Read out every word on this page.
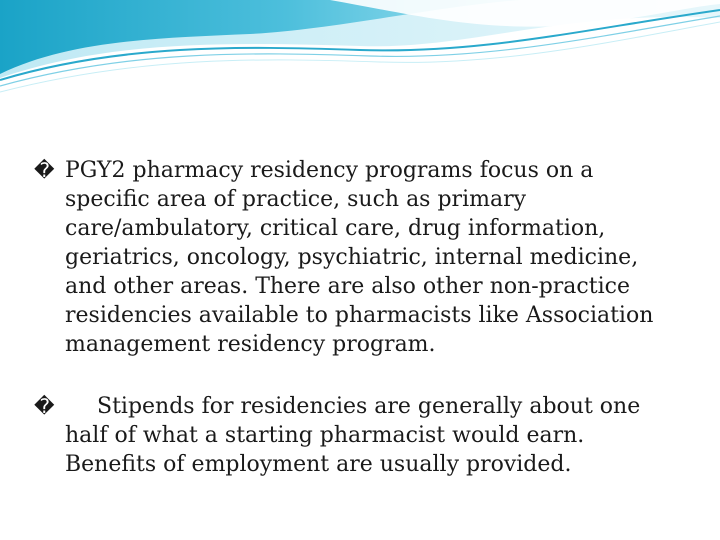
� PGY2 pharmacy residency programs focus on a specific area of practice, such as primary care/ambulatory, critical care, drug information, geriatrics, oncology, psychiatric, internal medicine, and other areas. There are also other non-practice residencies available to pharmacists like Association management residency program.

�	Stipends for residencies are generally about one half of what a starting pharmacist would earn. Benefits of employment are usually provided.
